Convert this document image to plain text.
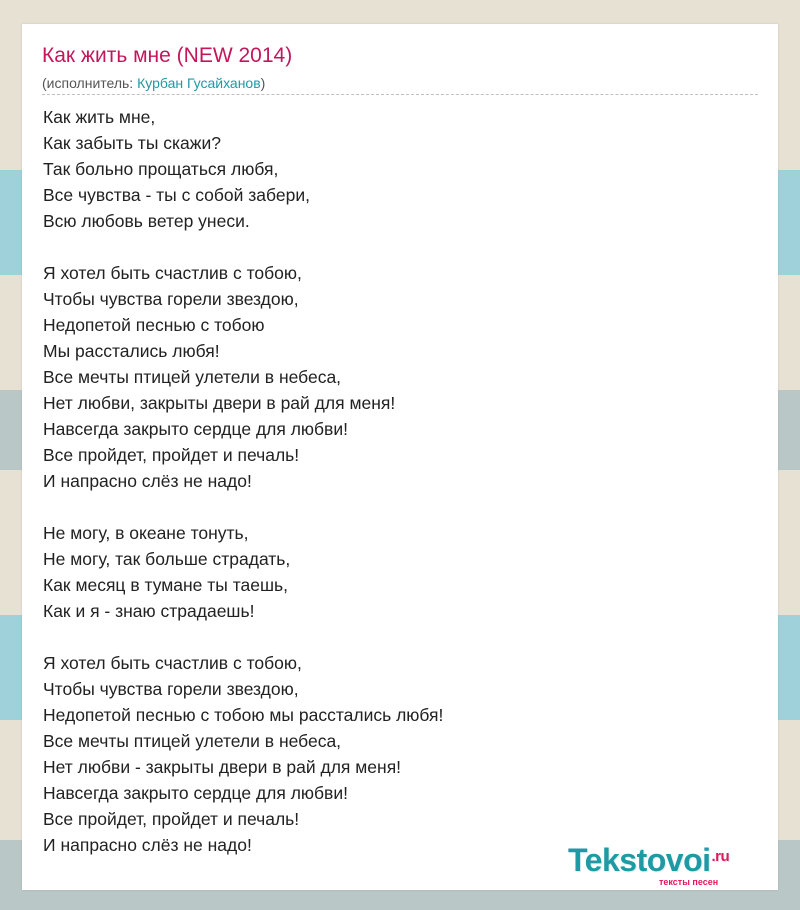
Как жить мне (NEW 2014)
(исполнитель: Курбан Гусайханов)
Как жить мне,
Как забыть ты скажи?
Так больно прощаться любя,
Все чувства - ты с собой забери,
Всю любовь ветер унеси.
Я хотел быть счастлив с тобою,
Чтобы чувства горели звездою,
Недопетой песнью с тобою
Мы расстались любя!
Все мечты птицей улетели в небеса,
Нет любви, закрыты двери в рай для меня!
Навсегда закрыто сердце для любви!
Все пройдет, пройдет и печаль!
И напрасно слёз не надо!
Не могу, в океане тонуть,
Не могу, так больше страдать,
Как месяц в тумане ты таешь,
Как и я - знаю страдаешь!
Я хотел быть счастлив с тобою,
Чтобы чувства горели звездою,
Недопетой песнью с тобою мы расстались любя!
Все мечты птицей улетели в небеса,
Нет любви - закрыты двери в рай для меня!
Навсегда закрыто сердце для любви!
Все пройдет, пройдет и печаль!
И напрасно слёз не надо!	Tekstovoi$^{.ru}$
тексты песен
